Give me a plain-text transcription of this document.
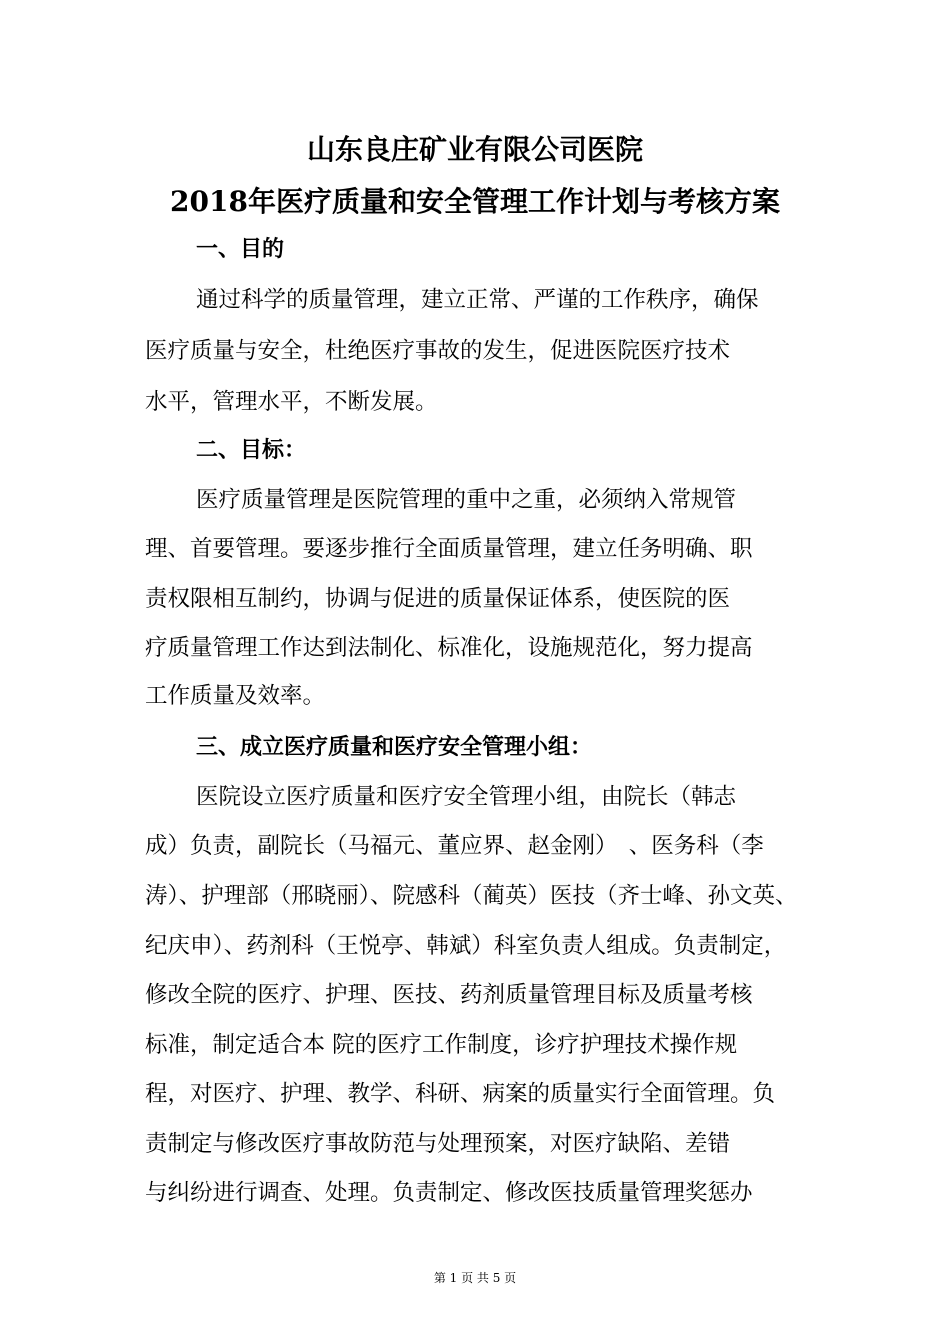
山东良庄矿业有限公司医院
2018年医疗质量和安全管理工作计划与考核方案
一、目的
通过科学的质量管理，建立正常、严谨的工作秩序，确保
医疗质量与安全，杜绝医疗事故的发生，促进医院医疗技术
水平，管理水平，不断发展。
二、目标：
医疗质量管理是医院管理的重中之重，必须纳入常规管
理、首要管理。要逐步推行全面质量管理，建立任务明确、职
责权限相互制约，协调与促进的质量保证体系，使医院的医
疗质量管理工作达到法制化、标准化，设施规范化，努力提高
工作质量及效率。
三、成立医疗质量和医疗安全管理小组：
医院设立医疗质量和医疗安全管理小组，由院长（韩志
成）负责，副院长（马福元、董应界、赵金刚）　、医务科（李
涛）、护理部（邢晓丽）、院感科（蔺英）医技（齐士峰、孙文英、
纪庆申）、药剂科（王悦亭、韩斌）科室负责人组成。负责制定，
修改全院的医疗、护理、医技、药剂质量管理目标及质量考核
标准，制定适合本 院的医疗工作制度，诊疗护理技术操作规
程，对医疗、护理、教学、科研、病案的质量实行全面管理。负
责制定与修改医疗事故防范与处理预案，对医疗缺陷、差错
与纠纷进行调查、处理。负责制定、修改医技质量管理奖惩办
第 1 页 共 5 页
